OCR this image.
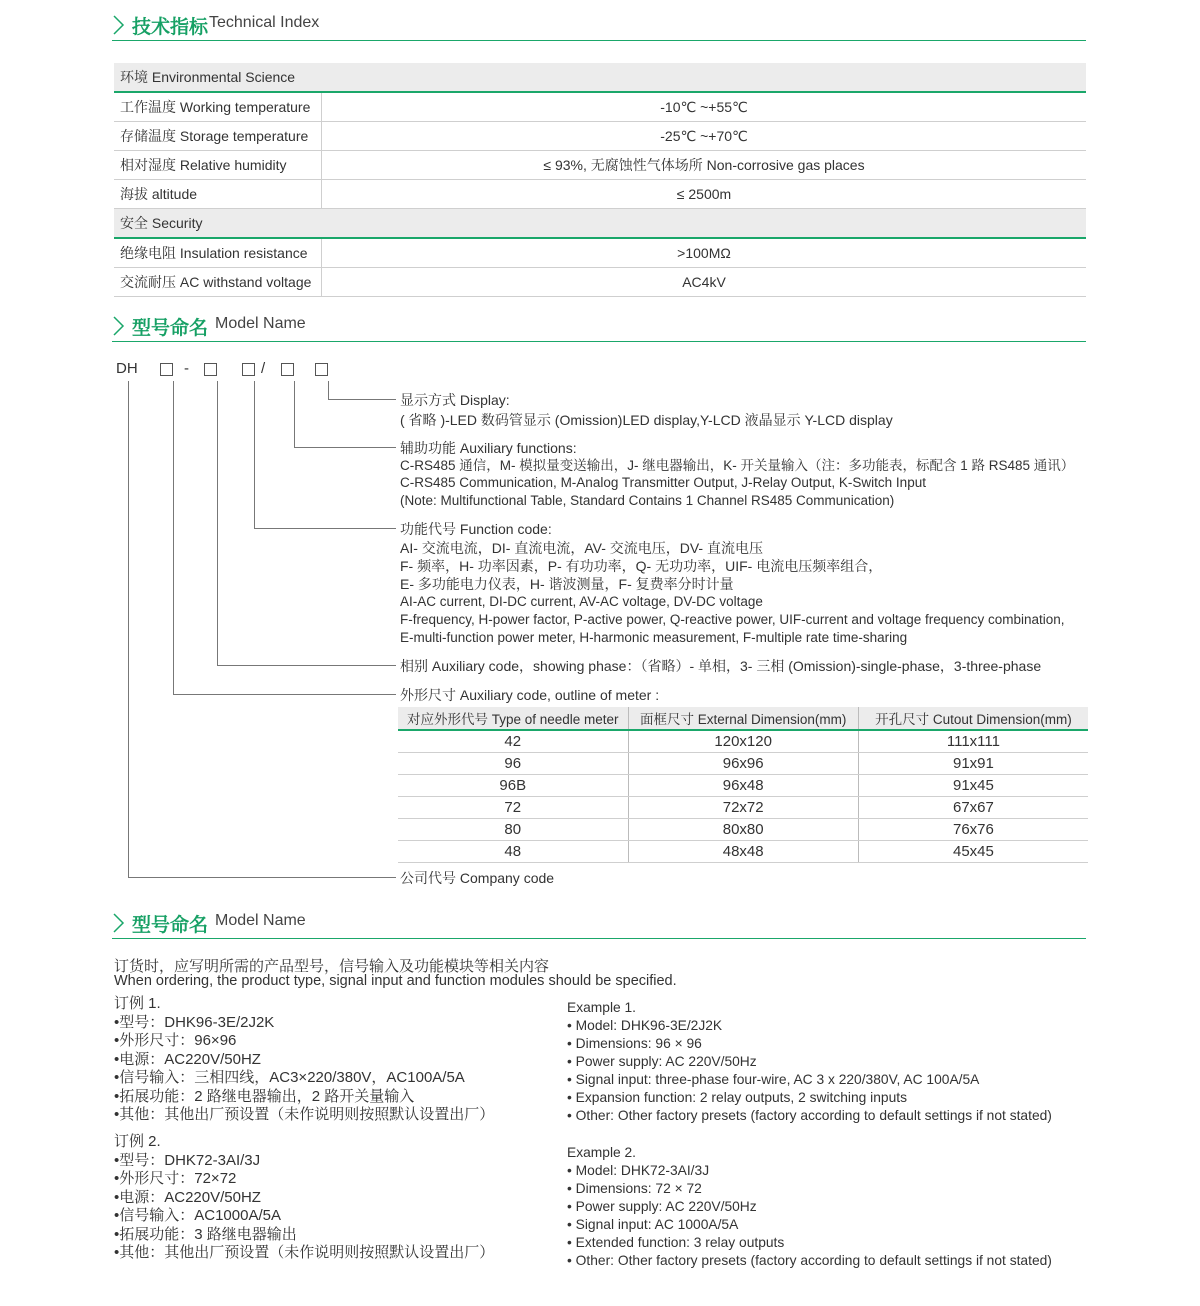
技术指标 Technical Index
环境 Environmental Science
工作温度 Working temperature	-10℃ ~+55℃
存储温度 Storage temperature	-25℃ ~+70℃
相对湿度 Relative humidity	≤ 93%, 无腐蚀性气体场所 Non-corrosive gas places
海拔 altitude	≤ 2500m
安全 Security
绝缘电阻 Insulation resistance	>100MΩ
交流耐压 AC withstand voltage	AC4kV
型号命名 Model Name
DH	-	/
显示方式 Display:
( 省略 )-LED 数码管显示 (Omission)LED display,Y-LCD 液晶显示 Y-LCD display
辅助功能 Auxiliary functions:
C-RS485 通信，M- 模拟量变送输出，J- 继电器输出，K- 开关量输入（注：多功能表，标配含 1 路 RS485 通讯）
C-RS485 Communication, M-Analog Transmitter Output, J-Relay Output, K-Switch Input
(Note: Multifunctional Table, Standard Contains 1 Channel RS485 Communication)
功能代号 Function code:
AI- 交流电流，DI- 直流电流，AV- 交流电压，DV- 直流电压
F- 频率，H- 功率因素，P- 有功功率，Q- 无功功率，UIF- 电流电压频率组合，
E- 多功能电力仪表，H- 谐波测量，F- 复费率分时计量
AI-AC current, DI-DC current, AV-AC voltage, DV-DC voltage
F-frequency, H-power factor, P-active power, Q-reactive power, UIF-current and voltage frequency combination,
E-multi-function power meter, H-harmonic measurement, F-multiple rate time-sharing
相别 Auxiliary code，showing phase：（省略）- 单相，3- 三相 (Omission)-single-phase，3-three-phase
外形尺寸 Auxiliary code, outline of meter :
对应外形代号 Type of needle meter	面框尺寸 External Dimension(mm)	开孔尺寸 Cutout Dimension(mm)
42	120x120	111x111
96	96x96	91x91
96B	96x48	91x45
72	72x72	67x67
80	80x80	76x76
48	48x48	45x45
公司代号 Company code
型号命名 Model Name
订货时，应写明所需的产品型号，信号输入及功能模块等相关内容
When ordering, the product type, signal input and function modules should be specified.
订例 1.
•型号：DHK96-3E/2J2K
•外形尺寸：96×96
•电源：AC220V/50HZ
•信号输入：三相四线，AC3×220/380V，AC100A/5A
•拓展功能：2 路继电器输出，2 路开关量输入
•其他：其他出厂预设置（未作说明则按照默认设置出厂）
订例 2.
•型号：DHK72-3AI/3J
•外形尺寸：72×72
•电源：AC220V/50HZ
•信号输入：AC1000A/5A
•拓展功能：3 路继电器输出
•其他：其他出厂预设置（未作说明则按照默认设置出厂）
Example 1.
• Model: DHK96-3E/2J2K
• Dimensions: 96 × 96
• Power supply: AC 220V/50Hz
• Signal input: three-phase four-wire, AC 3 x 220/380V, AC 100A/5A
• Expansion function: 2 relay outputs, 2 switching inputs
• Other: Other factory presets (factory according to default settings if not stated)
Example 2.
• Model: DHK72-3AI/3J
• Dimensions: 72 × 72
• Power supply: AC 220V/50Hz
• Signal input: AC 1000A/5A
• Extended function: 3 relay outputs
• Other: Other factory presets (factory according to default settings if not stated)
